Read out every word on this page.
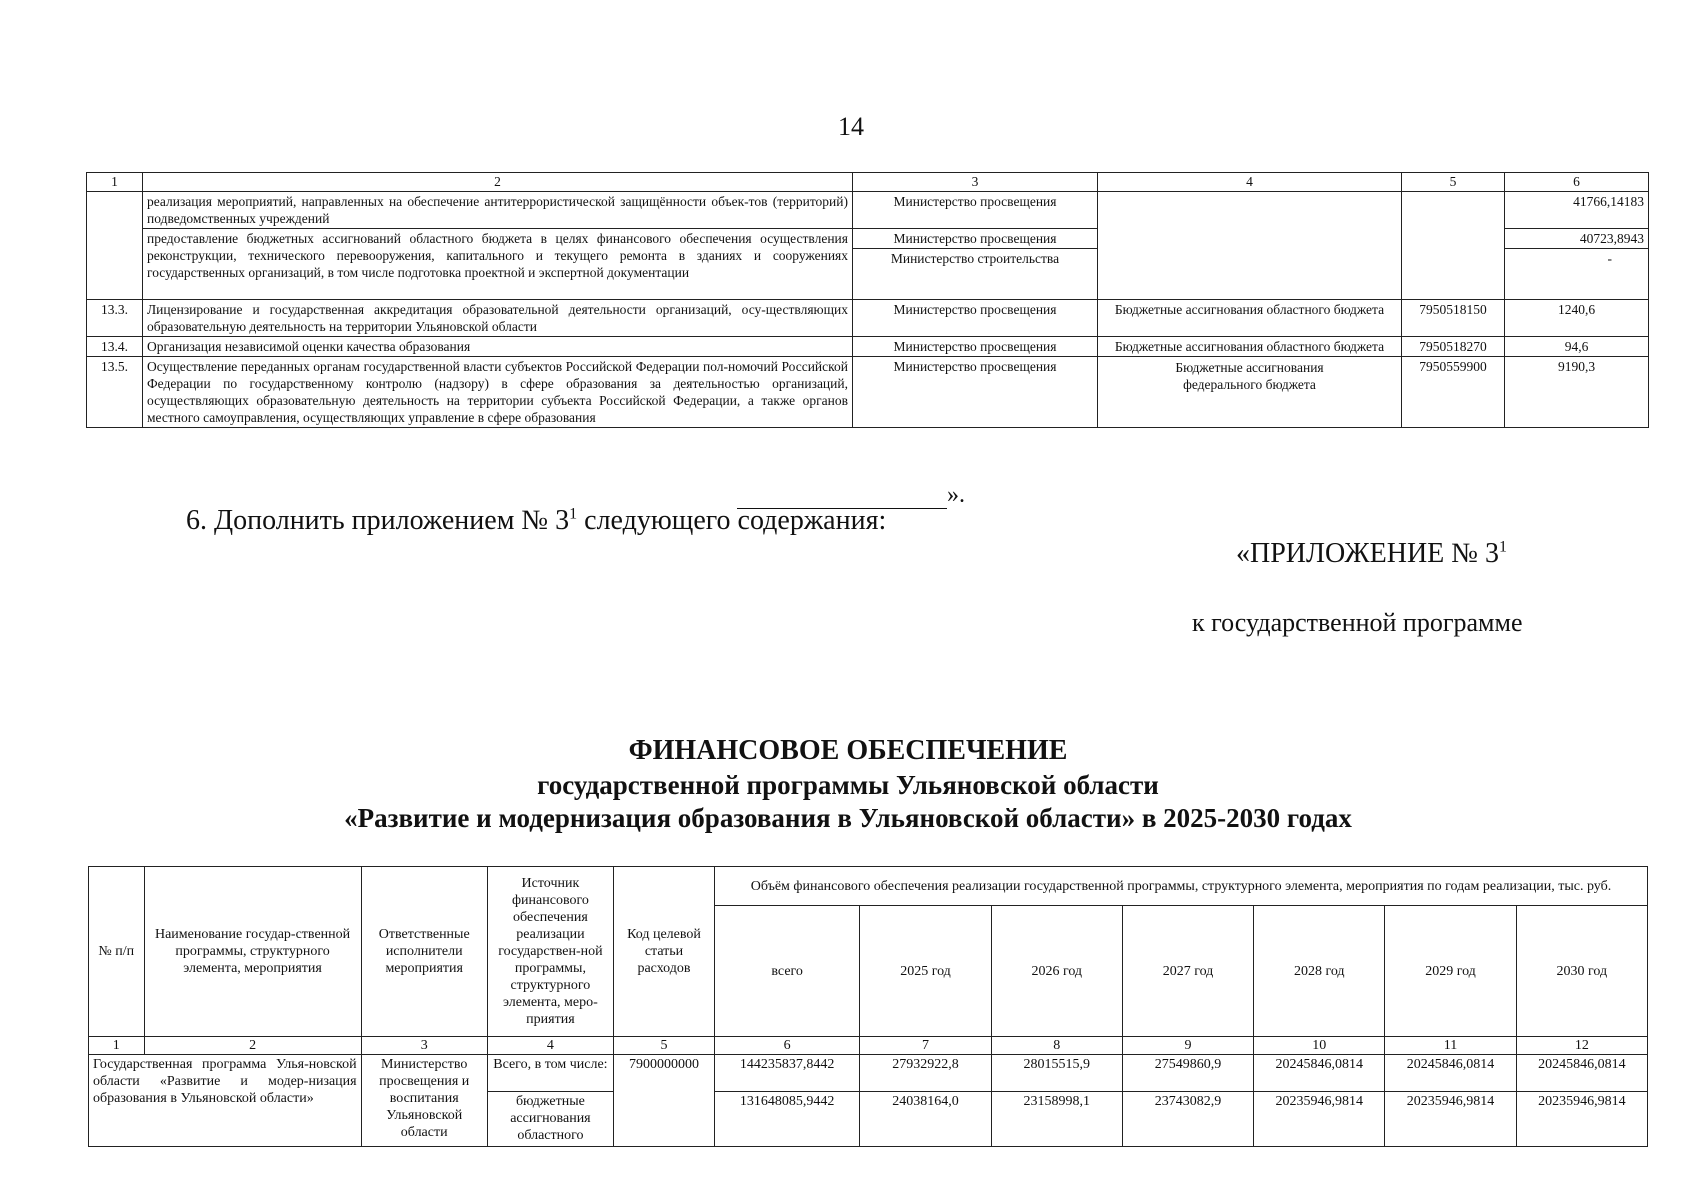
14
1	2	3	4	5	6
	реализация мероприятий, направленных на обеспечение антитеррористической защищённости объек-тов (территорий) подведомственных учреждений	Министерство просвещения			41766,14183
	предоставление бюджетных ассигнований областного бюджета в целях финансового обеспечения осуществления реконструкции, технического перевооружения, капитального и текущего ремонта в зданиях и сооружениях государственных организаций, в том числе подготовка проектной и экспертной документации	Министерство просвещения			40723,8943
		Министерство строительства			-
13.3.	Лицензирование и государственная аккредитация образовательной деятельности организаций, осу-ществляющих образовательную деятельность на территории Ульяновской области	Министерство просвещения	Бюджетные ассигнования областного бюджета	7950518150	1240,6
13.4.	Организация независимой оценки качества образования	Министерство просвещения	Бюджетные ассигнования областного бюджета	7950518270	94,6
13.5.	Осуществление переданных органам государственной власти субъектов Российской Федерации пол-номочий Российской Федерации по государственному контролю (надзору) в сфере образования за деятельностью организаций, осуществляющих образовательную деятельность на территории субъекта Российской Федерации, а также органов местного самоуправления, осуществляющих управление в сфере образования	Министерство просвещения	Бюджетные ассигнования федерального бюджета	7950559900	9190,3
».
6. Дополнить приложением № $3^1$ следующего содержания:
«ПРИЛОЖЕНИЕ № $3^1$
к государственной программе
ФИНАНСОВОЕ ОБЕСПЕЧЕНИЕ
государственной программы Ульяновской области
«Развитие и модернизация образования в Ульяновской области» в 2025-2030 годах
№ п/п	Наименование государ-ственной программы, структурного элемента, мероприятия	Ответственные исполнители мероприятия	Источник финансового обеспечения реализации государствен-ной программы, структурного элемента, меро-приятия	Код целевой статьи расходов	Объём финансового обеспечения реализации государственной программы, структурного элемента, мероприятия по годам реализации, тыс. руб.						
					всего	2025 год	2026 год	2027 год	2028 год	2029 год	2030 год
1	2	3	4	5	6	7	8	9	10	11	12
Государственная программа Улья-новской области «Развитие и модер-низация образования в Ульяновской области»		Министерство просвещения и воспитания Ульяновской области	Всего, в том числе:	7900000000	144235837,8442	27932922,8	28015515,9	27549860,9	20245846,0814	20245846,0814	20245846,0814
			бюджетные ассигнования областного		131648085,9442	24038164,0	23158998,1	23743082,9	20235946,9814	20235946,9814	20235946,9814
